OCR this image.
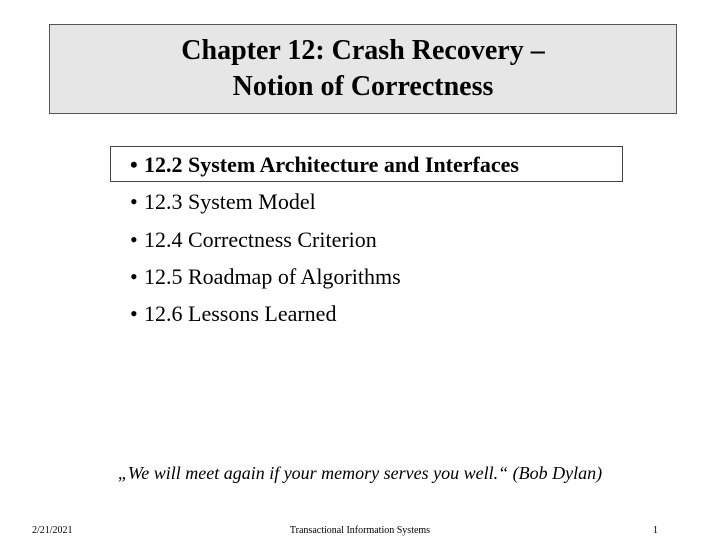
Chapter 12: Crash Recovery –
Notion of Correctness
• 12.2 System Architecture and Interfaces
• 12.3 System Model
• 12.4 Correctness Criterion
• 12.5 Roadmap of Algorithms
• 12.6 Lessons Learned
„We will meet again if your memory serves you well.“ (Bob Dylan)
2/21/2021	Transactional Information Systems	1
